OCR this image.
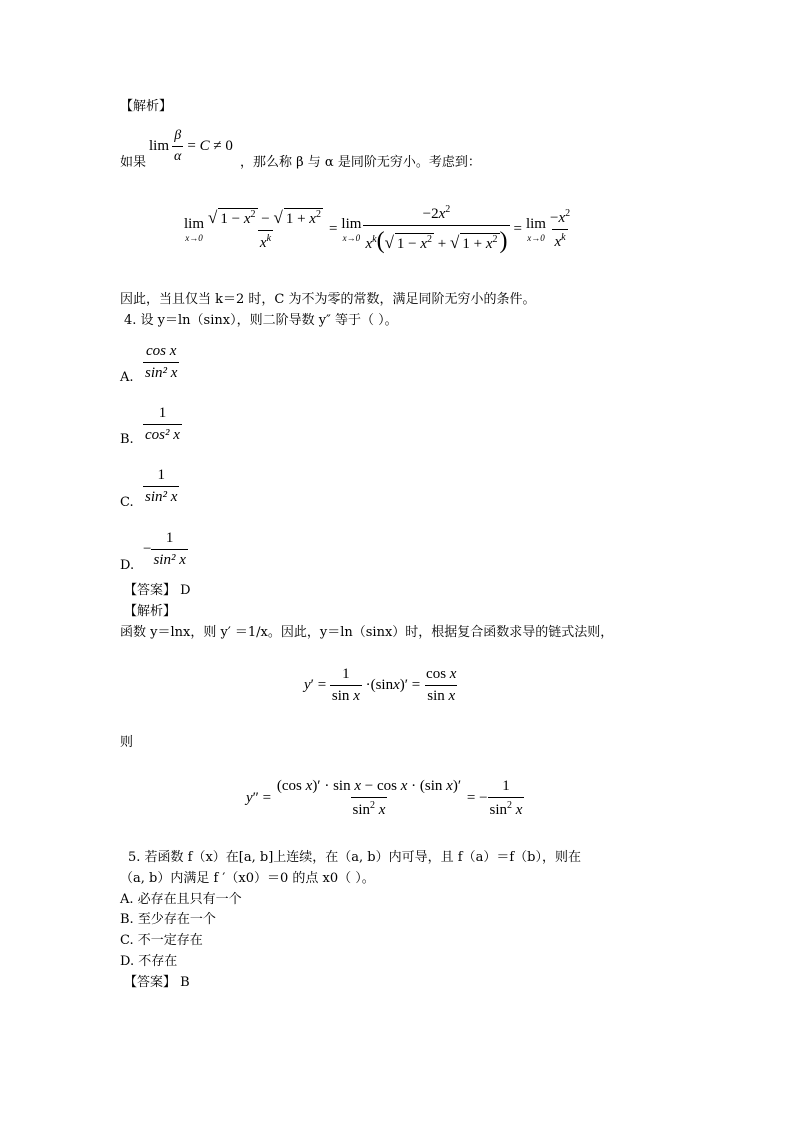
【解析】
如果
$\lim \frac{\beta}{\alpha} = C \ne 0$
，那么称 β 与 α 是同阶无穷小。考虑到：
lim
$x\to 0 \frac{√ 1 - x^2 - √ 1 + x^2}{x^k} = \lim$
$x\to 0 \frac{-2x^2}{x^k(√ 1 - x^2 + √ 1 + x^2)} = \lim$
$x\to 0 \frac{-x^2}{x^k}$
因此，当且仅当 k＝2 时，C 为不为零的常数，满足同阶无穷小的条件。
4. 设 y＝ln（sinx），则二阶导数 y″ 等于（ ）。
A. $\frac{\text{cos x}}{\text{sin² x}}$
B. $\frac{1}{\text{cos² x}}$
C. $\frac{1}{\text{sin² x}}$
D.
− $\frac{1}{\text{sin² x}}$
【答案】 D
【解析】
函数 y＝lnx，则 y′ ＝1/x。因此，y＝ln（sinx）时，根据复合函数求导的链式法则，
y ′ = $\frac{1}{\text{sin x}} \cdot(\sin$ x )′ = $\frac{\text{cos x}}{\text{sin x}}$
则
y ″ = $\frac{\text{(cos x)′ · sin x − cos x · (sin x)′}}{\sin^2 x}$ = − $\frac{1}{\sin^2 x}$
5. 若函数 f（x）在[a, b]上连续，在（a, b）内可导，且 f（a）＝f（b），则在
（a, b）内满足 f ′（x0）＝0 的点 x0（ ）。
A. 必存在且只有一个
B. 至少存在一个
C. 不一定存在
D. 不存在
【答案】 B
